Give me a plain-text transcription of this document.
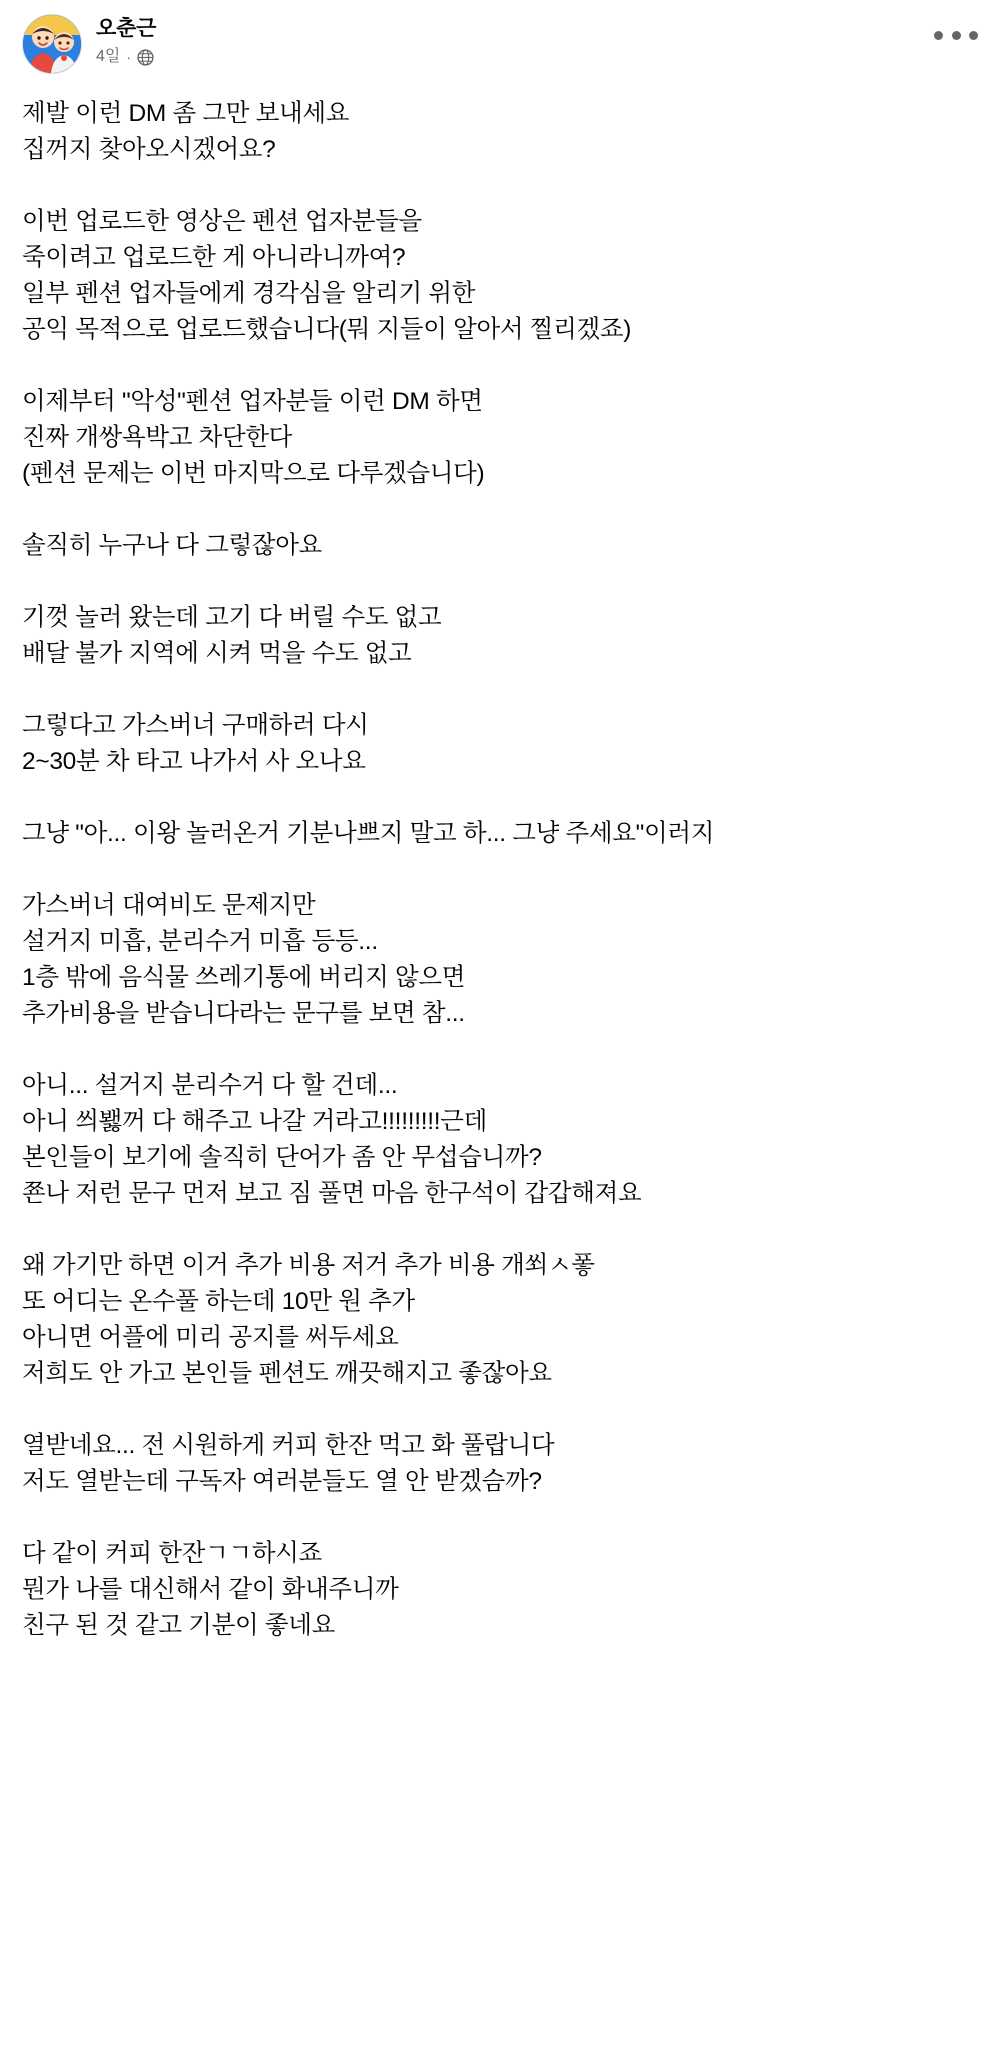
오춘근
4일 ·

제발 이런 DM 좀 그만 보내세요

집꺼지 찾아오시겠어요?

이번 업로드한 영상은 펜션 업자분들을

죽이려고 업로드한 게 아니라니까여?

일부 펜션 업자들에게 경각심을 알리기 위한

공익 목적으로 업로드했습니다(뭐 지들이 알아서 찔리겠죠)

이제부터 "악성"펜션 업자분들 이런 DM 하면

진짜 개쌍욕박고 차단한다

(펜션 문제는 이번 마지막으로 다루겠습니다)

솔직히 누구나 다 그렇잖아요

기껏 놀러 왔는데 고기 다 버릴 수도 없고

배달 불가 지역에 시켜 먹을 수도 없고

그렇다고 가스버너 구매하러 다시

2~30분 차 타고 나가서 사 오나요

그냥 "아... 이왕 놀러온거 기분나쁘지 말고 하... 그냥 주세요"이러지

가스버너 대여비도 문제지만

설거지 미흡, 분리수거 미흡 등등...

1층 밖에 음식물 쓰레기통에 버리지 않으면

추가비용을 받습니다라는 문구를 보면 참...

아니... 설거지 분리수거 다 할 건데...

아니 씌봻꺼 다 해주고 나갈 거라고!!!!!!!!!근데

본인들이 보기에 솔직히 단어가 좀 안 무섭습니까?

쬰나 저런 문구 먼저 보고 짐 풀면 마음 한구석이 갑갑해져요

왜 가기만 하면 이거 추가 비용 저거 추가 비용 개쐬ㅅ퐇

또 어디는 온수풀 하는데 10만 원 추가

아니면 어플에 미리 공지를 써두세요

저희도 안 가고 본인들 펜션도 깨끗해지고 좋잖아요

열받네요... 전 시원하게 커피 한잔 먹고 화 풀랍니다

저도 열받는데 구독자 여러분들도 열 안 받겠슴까?

다 같이 커피 한잔ㄱㄱ하시죠

뭔가 나를 대신해서 같이 화내주니까

친구 된 것 같고 기분이 좋네요
